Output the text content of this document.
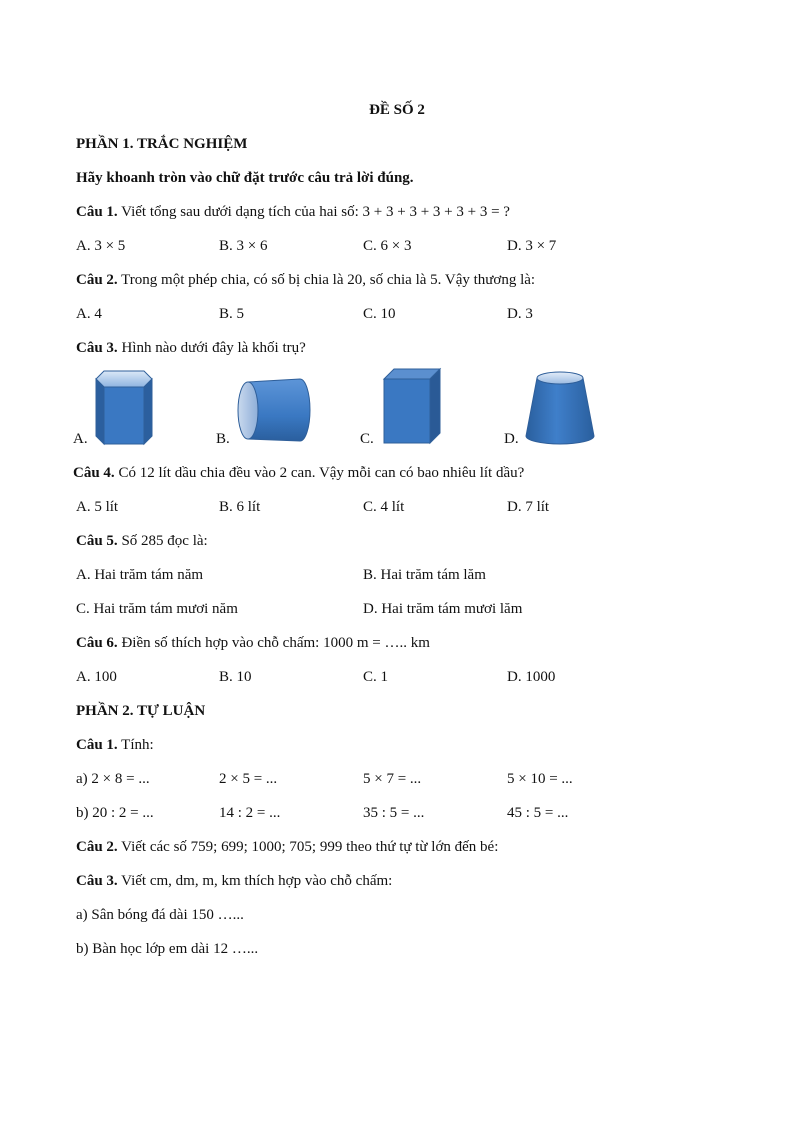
ĐỀ SỐ 2
PHẦN 1. TRẮC NGHIỆM
Hãy khoanh tròn vào chữ đặt trước câu trả lời đúng.
Câu 1. Viết tổng sau dưới dạng tích của hai số: 3 + 3 + 3 + 3 + 3 + 3 = ?
A. 3 × 5	B. 3 × 6	C. 6 × 3	D. 3 × 7
Câu 2. Trong một phép chia, có số bị chia là 20, số chia là 5. Vậy thương là:
A. 4	B. 5	C. 10	D. 3
Câu 3. Hình nào dưới đây là khối trụ?
A.	B.	C.	D.
Câu 4. Có 12 lít dầu chia đều vào 2 can. Vậy mỗi can có bao nhiêu lít dầu?
A. 5 lít	B. 6 lít	C. 4 lít	D. 7 lít
Câu 5. Số 285 đọc là:
A. Hai trăm tám năm	B. Hai trăm tám lăm
C. Hai trăm tám mươi năm	D. Hai trăm tám mươi lăm
Câu 6. Điền số thích hợp vào chỗ chấm: 1000 m = ….. km
A. 100	B. 10	C. 1	D. 1000
PHẦN 2. TỰ LUẬN
Câu 1. Tính:
a) 2 × 8 = ...	2 × 5 = ...	5 × 7 = ...	5 × 10 = ...
b) 20 : 2 = ...	14 : 2 = ...	35 : 5 = ...	45 : 5 = ...
Câu 2. Viết các số 759; 699; 1000; 705; 999 theo thứ tự từ lớn đến bé:
Câu 3. Viết cm, dm, m, km thích hợp vào chỗ chấm:
a) Sân bóng đá dài 150 …...
b) Bàn học lớp em dài 12 …...
